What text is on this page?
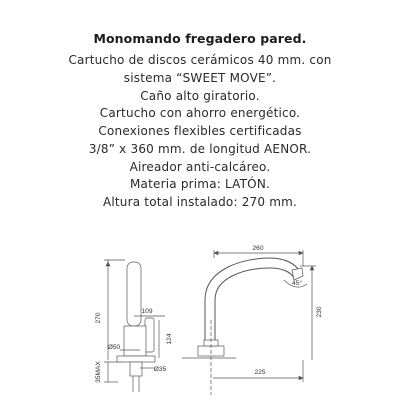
Monomando fregadero pared.
Cartucho de discos cerámicos 40 mm. con
sistema “SWEET MOVE”.
Caño alto giratorio.
Cartucho con ahorro energético.
Conexiones flexibles certificadas
3/8” x 360 mm. de longitud AENOR.
Aireador anti-calcáreo.
Materia prima: LATÓN.
Altura total instalado: 270 mm.
270
35MAX
109
124
Ø50
Ø35
260
45°
230
225
